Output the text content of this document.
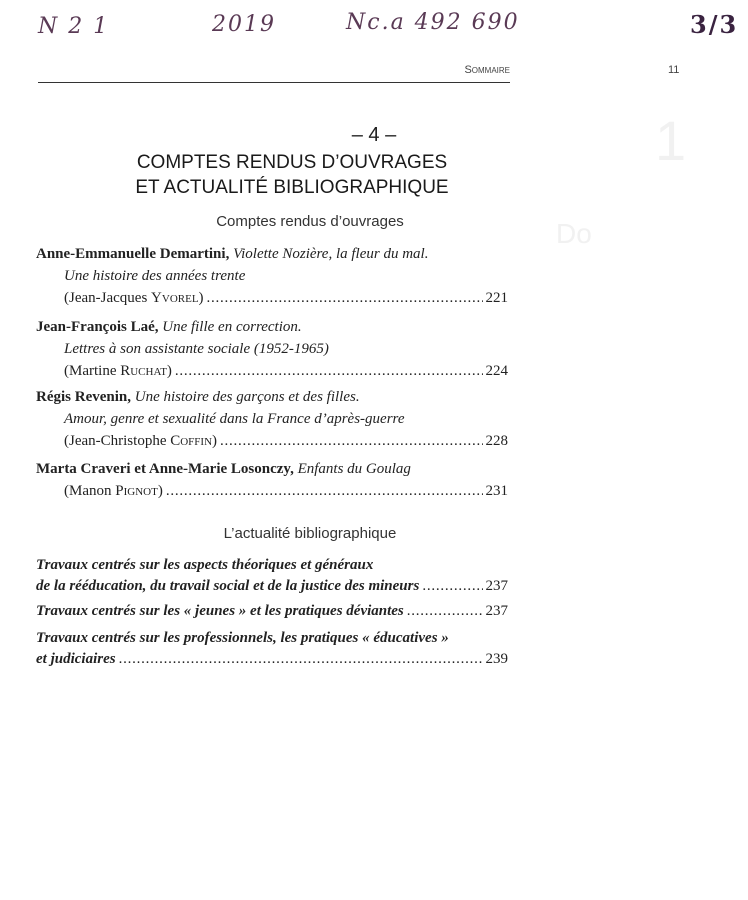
N 2 1	2019	Nc.a 492 690	3/3
Sommaire	11
1
Do
– 4 –
COMPTES RENDUS D’OUVRAGES
ET ACTUALITÉ BIBLIOGRAPHIQUE
Comptes rendus d’ouvrages
Anne-Emmanuelle Demartini, Violette Nozière, la fleur du mal.
Une histoire des années trente
(Jean-Jacques Yvorel) . . .	221
Jean-François Laé, Une fille en correction.
Lettres à son assistante sociale (1952-1965)
(Martine Ruchat) . . .	224
Régis Revenin, Une histoire des garçons et des filles.
Amour, genre et sexualité dans la France d’après-guerre
(Jean-Christophe Coffin) . . .	228
Marta Craveri et Anne-Marie Losonczy, Enfants du Goulag
(Manon Pignot) . . .	231
L’actualité bibliographique
Travaux centrés sur les aspects théoriques et généraux
de la rééducation, du travail social et de la justice des mineurs . . .	237
Travaux centrés sur les « jeunes » et les pratiques déviantes . . .	237
Travaux centrés sur les professionnels, les pratiques « éducatives »
et judiciaires . . .	239
